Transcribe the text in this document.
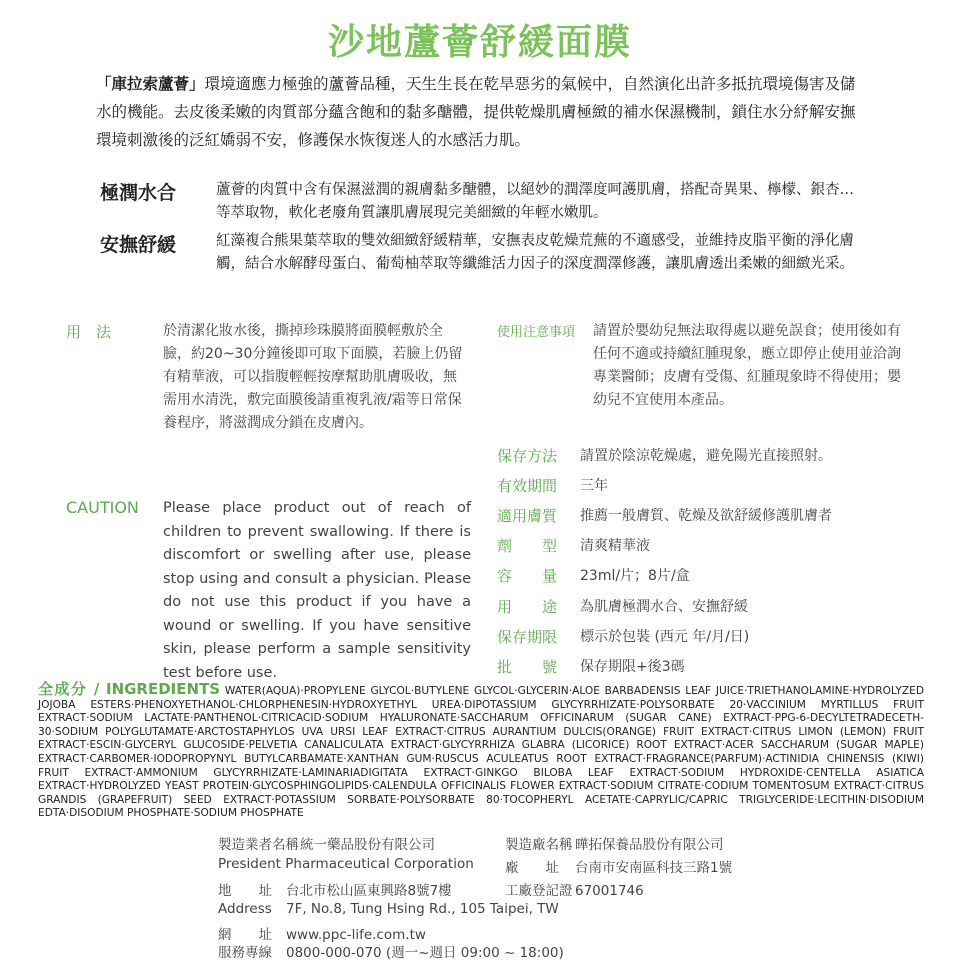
沙地蘆薈舒緩面膜
「庫拉索蘆薈」環境適應力極強的蘆薈品種，天生生長在乾旱惡劣的氣候中，自然演化出許多抵抗環境傷害及儲水的機能。去皮後柔嫩的肉質部分蘊含飽和的黏多醣體，提供乾燥肌膚極緻的補水保濕機制，鎖住水分紓解安撫環境刺激後的泛紅嬌弱不安，修護保水恢復迷人的水感活力肌。
極潤水合	蘆薈的肉質中含有保濕滋潤的親膚黏多醣體，以絕妙的潤澤度呵護肌膚，搭配奇異果、檸檬、銀杏…等萃取物，軟化老廢角質讓肌膚展現完美細緻的年輕水嫩肌。
安撫舒緩	紅藻複合熊果葉萃取的雙效細緻舒緩精華，安撫表皮乾燥荒蕪的不適感受，並維持皮脂平衡的淨化膚觸，結合水解酵母蛋白、葡萄柚萃取等纖維活力因子的深度潤澤修護，讓肌膚透出柔嫩的細緻光采。
用　法	於清潔化妝水後，撕掉珍珠膜將面膜輕敷於全臉，約20~30分鐘後即可取下面膜，若臉上仍留有精華液，可以指腹輕輕按摩幫助肌膚吸收，無需用水清洗，敷完面膜後請重複乳液/霜等日常保養程序，將滋潤成分鎖在皮膚內。
CAUTION Please place product out of reach of children to prevent swallowing. If there is discomfort or swelling after use, please stop using and consult a physician. Please do not use this product if you have a wound or swelling. If you have sensitive skin, please perform a sample sensitivity test before use.
使用注意事項 請置於嬰幼兒無法取得處以避免誤食；使用後如有任何不適或持續紅腫現象，應立即停止使用並洽詢專業醫師；皮膚有受傷、紅腫現象時不得使用；嬰幼兒不宜使用本產品。
保存方法	請置於陰涼乾燥處，避免陽光直接照射。
有效期間	三年
適用膚質	推薦一般膚質、乾燥及欲舒緩修護肌膚者
劑　　型	清爽精華液
容　　量	23ml/片；8片/盒
用　　途	為肌膚極潤水合、安撫舒緩
保存期限	標示於包裝 (西元 年/月/日)
批　　號	保存期限+後3碼
全成分 / INGREDIENTS WATER(AQUA)·PROPYLENE GLYCOL·BUTYLENE GLYCOL·GLYCERIN·ALOE BARBADENSIS LEAF JUICE·TRIETHANOLAMINE·HYDROLYZED JOJOBA ESTERS·PHENOXYETHANOL·CHLORPHENESIN·HYDROXYETHYL UREA·DIPOTASSIUM GLYCYRRHIZATE·POLYSORBATE 20·VACCINIUM MYRTILLUS FRUIT EXTRACT·SODIUM LACTATE·PANTHENOL·CITRICACID·SODIUM HYALURONATE·SACCHARUM OFFICINARUM (SUGAR CANE) EXTRACT·PPG-6-DECYLTETRADECETH-30·SODIUM POLYGLUTAMATE·ARCTOSTAPHYLOS UVA URSI LEAF EXTRACT·CITRUS AURANTIUM DULCIS(ORANGE) FRUIT EXTRACT·CITRUS LIMON (LEMON) FRUIT EXTRACT·ESCIN·GLYCERYL GLUCOSIDE·PELVETIA CANALICULATA EXTRACT·GLYCYRRHIZA GLABRA (LICORICE) ROOT EXTRACT·ACER SACCHARUM (SUGAR MAPLE) EXTRACT·CARBOMER·IODOPROPYNYL BUTYLCARBAMATE·XANTHAN GUM·RUSCUS ACULEATUS ROOT EXTRACT·FRAGRANCE(PARFUM)·ACTINIDIA CHINENSIS (KIWI) FRUIT EXTRACT·AMMONIUM GLYCYRRHIZATE·LAMINARIADIGITATA EXTRACT·GINKGO BILOBA LEAF EXTRACT·SODIUM HYDROXIDE·CENTELLA ASIATICA EXTRACT·HYDROLYZED YEAST PROTEIN·GLYCOSPHINGOLIPIDS·CALENDULA OFFICINALIS FLOWER EXTRACT·SODIUM CITRATE·CODIUM TOMENTOSUM EXTRACT·CITRUS GRANDIS (GRAPEFRUIT) SEED EXTRACT·POTASSIUM SORBATE·POLYSORBATE 80·TOCOPHERYL ACETATE·CAPRYLIC/CAPRIC TRIGLYCERIDE·LECITHIN·DISODIUM EDTA·DISODIUM PHOSPHATE·SODIUM PHOSPHATE
製造業者名稱統一藥品股份有限公司
President Pharmaceutical Corporation
地　　址 台北市松山區東興路8號7樓
Address 7F, No.8, Tung Hsing Rd., 105 Taipei, TW
網　　址 www.ppc-life.com.tw
服務專線 0800-000-070 (週一~週日 09:00 ~ 18:00)
製造廠名稱 曄拓保養品股份有限公司
廠　　址 台南市安南區科技三路1號
工廠登記證 67001746
